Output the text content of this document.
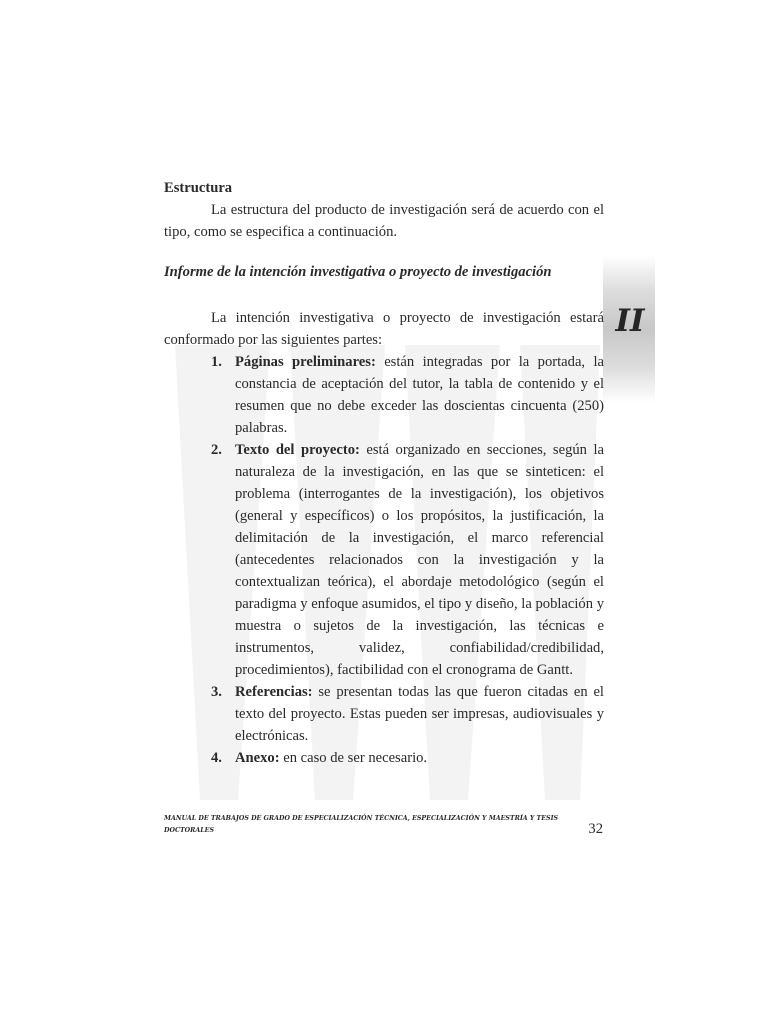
II

Estructura

La estructura del producto de investigación será de acuerdo con el tipo, como se especifica a continuación.

Informe de la intención investigativa o proyecto de investigación

La intención investigativa o proyecto de investigación estará conformado por las siguientes partes:

1. Páginas preliminares: están integradas por la portada, la constancia de aceptación del tutor, la tabla de contenido y el resumen que no debe exceder las doscientas cincuenta (250) palabras.
2. Texto del proyecto: está organizado en secciones, según la naturaleza de la investigación, en las que se sinteticen: el problema (interrogantes de la investigación), los objetivos (general y específicos) o los propósitos, la justificación, la delimitación de la investigación, el marco referencial (antecedentes relacionados con la investigación y la contextualizan teórica), el abordaje metodológico (según el paradigma y enfoque asumidos, el tipo y diseño, la población y muestra o sujetos de la investigación, las técnicas e instrumentos, validez, confiabilidad/credibilidad, procedimientos), factibilidad con el cronograma de Gantt.
3. Referencias: se presentan todas las que fueron citadas en el texto del proyecto. Estas pueden ser impresas, audiovisuales y electrónicas.
4. Anexo: en caso de ser necesario.
MANUAL DE TRABAJOS DE GRADO DE ESPECIALIZACIÓN TÉCNICA, ESPECIALIZACIÓN Y MAESTRÍA Y TESIS DOCTORALES	32
